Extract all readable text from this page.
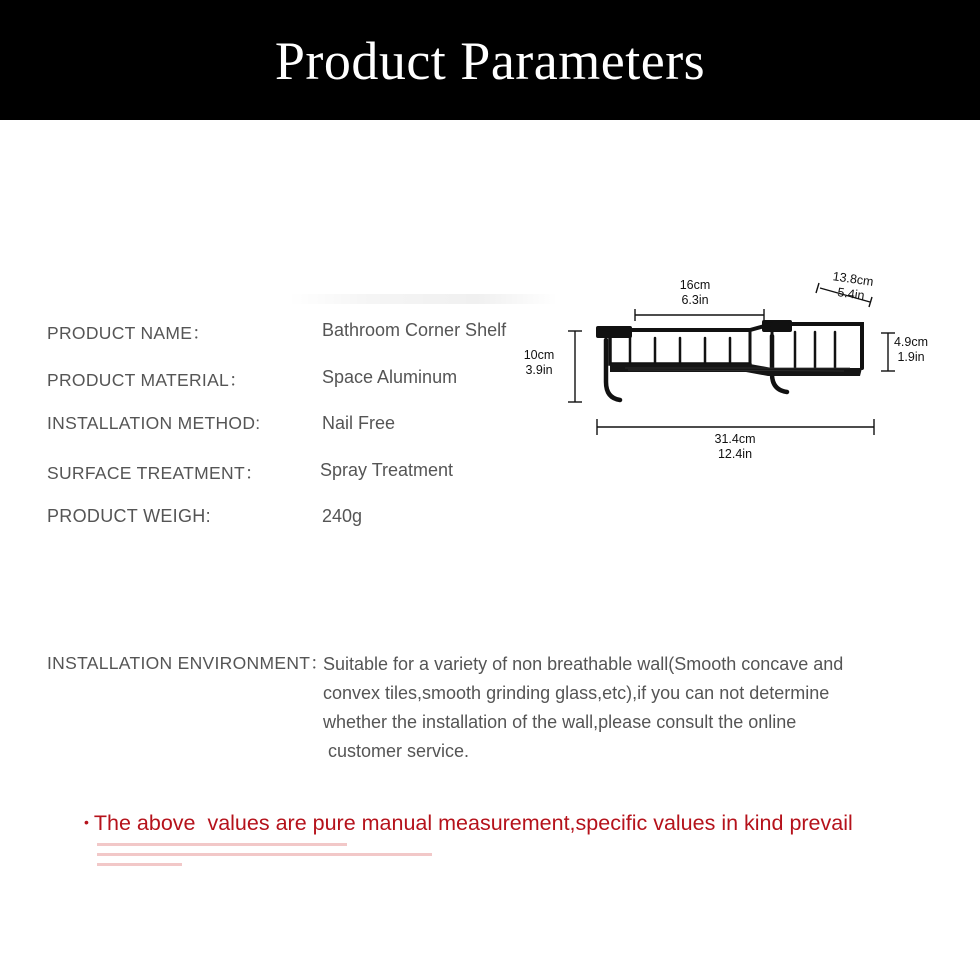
Product Parameters
PRODUCT NAME：	Bathroom Corner Shelf
PRODUCT MATERIAL：	Space Aluminum
INSTALLATION METHOD:	Nail Free
SURFACE TREATMENT：	Spray Treatment
PRODUCT WEIGH:	240g
16cm
6.3in
13.8cm
5.4in
4.9cm
1.9in
10cm
3.9in
31.4cm
12.4in
INSTALLATION ENVIRONMENT：
Suitable for a variety of non breathable wall(Smooth concave and
convex tiles,smooth grinding glass,etc),if you can not determine
whether the installation of the wall,please consult the online
customer service.
• The above  values are pure manual measurement,specific values in kind prevail
